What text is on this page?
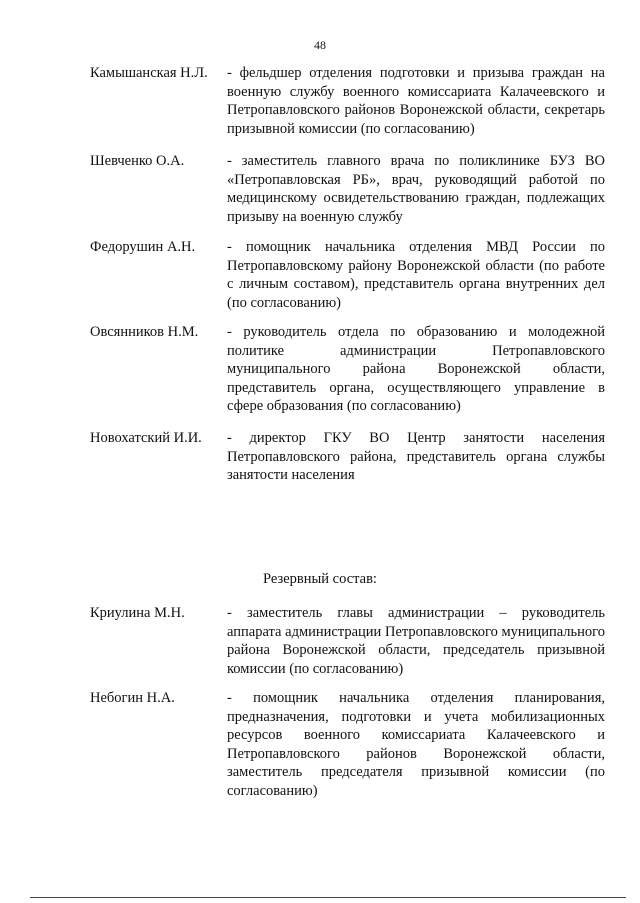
48
Камышанская Н.Л.	- фельдшер отделения подготовки и призыва граждан на военную службу военного комиссариата Калачеевского и Петропавловского районов Воронежской области, секретарь призывной комиссии (по согласованию)
Шевченко О.А.	- заместитель главного врача по поликлинике БУЗ ВО «Петропавловская РБ», врач, руководящий работой по медицинскому освидетельствованию граждан, подлежащих призыву на военную службу
Федорушин А.Н.	- помощник начальника отделения МВД России по Петропавловскому району Воронежской области (по работе с личным составом), представитель органа внутренних дел (по согласованию)
Овсянников Н.М.	- руководитель отдела по образованию и молодежной политике администрации Петропавловского муниципального района Воронежской области, представитель органа, осуществляющего управление в сфере образования (по согласованию)
Новохатский И.И.	- директор ГКУ ВО Центр занятости населения Петропавловского района, представитель органа службы занятости населения
Резервный состав:
Криулина М.Н.	- заместитель главы администрации – руководитель аппарата администрации Петропавловского муниципального района Воронежской области, председатель призывной комиссии (по согласованию)
Небогин Н.А.	- помощник начальника отделения планирования, предназначения, подготовки и учета мобилизационных ресурсов военного комиссариата Калачеевского и Петропавловского районов Воронежской области, заместитель председателя призывной комиссии (по согласованию)
